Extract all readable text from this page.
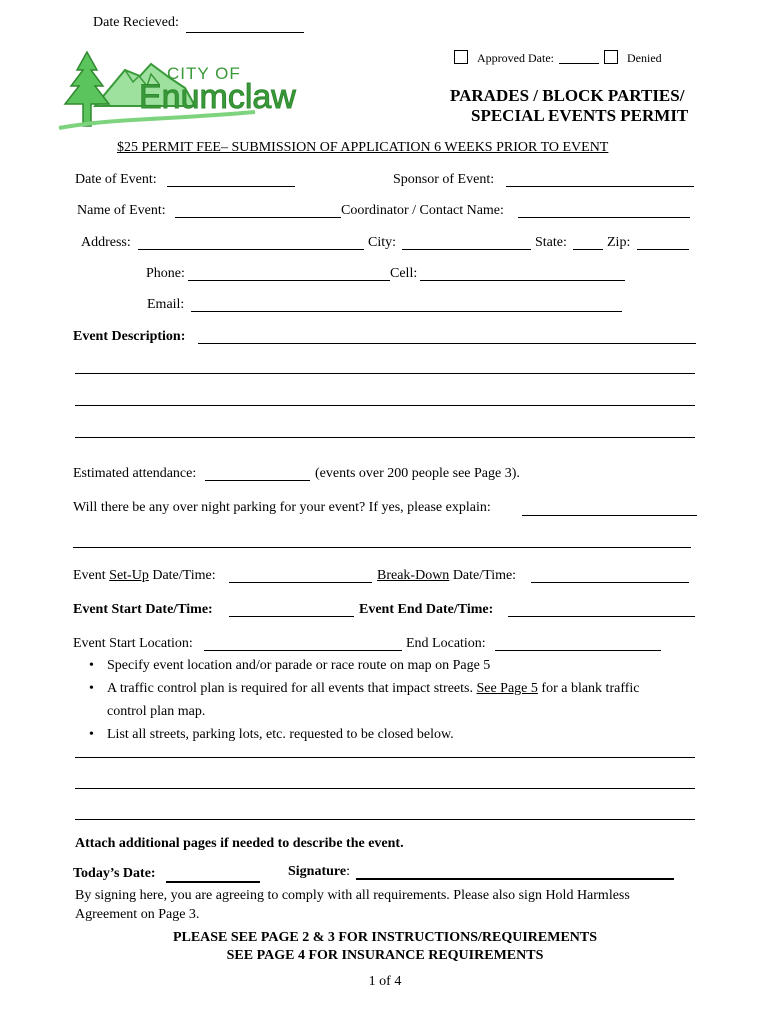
Date Recieved:
Approved Date:	Denied
CITY OF
Enumclaw	PARADES / BLOCK PARTIES/
SPECIAL EVENTS PERMIT
$25 PERMIT FEE– SUBMISSION OF APPLICATION 6 WEEKS PRIOR TO EVENT
Date of Event:	Sponsor of Event:
Name of Event:	Coordinator / Contact Name:
Address:	City:	State:	Zip:
Phone:	Cell:
Email:
Event Description:
Estimated attendance:	(events over 200 people see Page 3).
Will there be any over night parking for your event? If yes, please explain:
Event Set-Up Date/Time:	Break-Down Date/Time:
Event Start Date/Time:	Event End Date/Time:
Event Start Location:	End Location:
• Specify event location and/or parade or race route on map on Page 5
• A traffic control plan is required for all events that impact streets. See Page 5 for a blank traffic
control plan map.
• List all streets, parking lots, etc. requested to be closed below.
Attach additional pages if needed to describe the event.
Today’s Date:	Signature:
By signing here, you are agreeing to comply with all requirements. Please also sign Hold Harmless
Agreement on Page 3.
PLEASE SEE PAGE 2 & 3 FOR INSTRUCTIONS/REQUIREMENTS
SEE PAGE 4 FOR INSURANCE REQUIREMENTS
1 of 4
